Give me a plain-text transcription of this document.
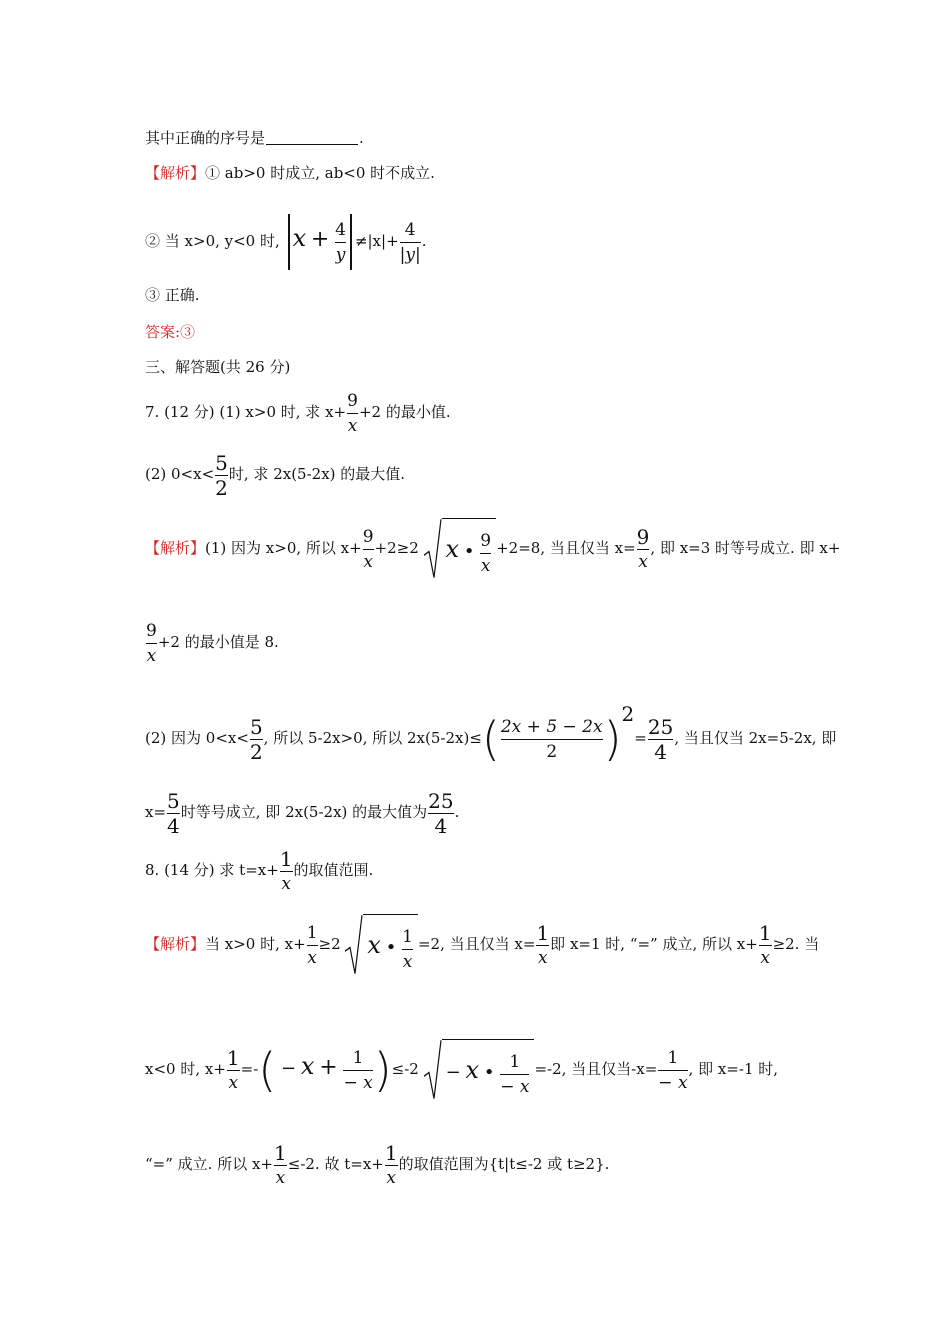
其中正确的序号是	.
【解析】① ab>0 时成立, ab<0 时不成立.
② 当 x>0, y<0 时, $x + \frac{4}{y} \ne|x|+ \frac{4}{|y|}$ .
③ 正确.
答案:③
三、解答题(共 26 分)
7. (12 分) (1) x>0 时, 求 $x+ \frac{9}{x} +2$ 的最小值.
(2) $0<x< \frac{5}{2}$ 时, 求 2x(5-2x) 的最大值.
【解析】(1) 因为 x>0, 所以 $x+ \frac{9}{x} +2\ge 2$ x • $\frac{9}{x} +2=8$, 当且仅当 $x= \frac{9}{x}$ , 即 x=3 时等号成立. 即 x+
$\frac{9}{x} +2$ 的最小值是 8.
(2) 因为 $0<x< \frac{5}{2}$ , 所以 5-2x>0, 所以 $2x(5-2x)\le( \frac{2x + 5 - 2x}{2} )2= \frac{25}{4}$ , 当且仅当 2x=5-2x, 即
$x= \frac{5}{4}$ 时等号成立, 即 2x(5-2x) 的最大值为 $\frac{25}{4}$ .
8. (14 分) 求 $t=x+ \frac{1}{x}$ 的取值范围.
【解析】当 x>0 时, $x+ \frac{1}{x} \ge 2$ x • $\frac{1}{x} =2$, 当且仅当 $x= \frac{1}{x}$ 即 x=1 时, “=” 成立, 所以 $x+ \frac{1}{x} \ge 2$. 当
x<0 时, $x+ \frac{1}{x}$ =-( − $x + \frac{1}{- x} )\le-2 - x$ • $\frac{1}{- x} =-2$, 当且仅当$-x= \frac{1}{- x}$ , 即 x=-1 时,
“=” 成立. 所以 $x+ \frac{1}{x} \le-2$. 故 $t=x+ \frac{1}{x}$ 的取值范围为{t|t≤-2 或 t≥2}.
